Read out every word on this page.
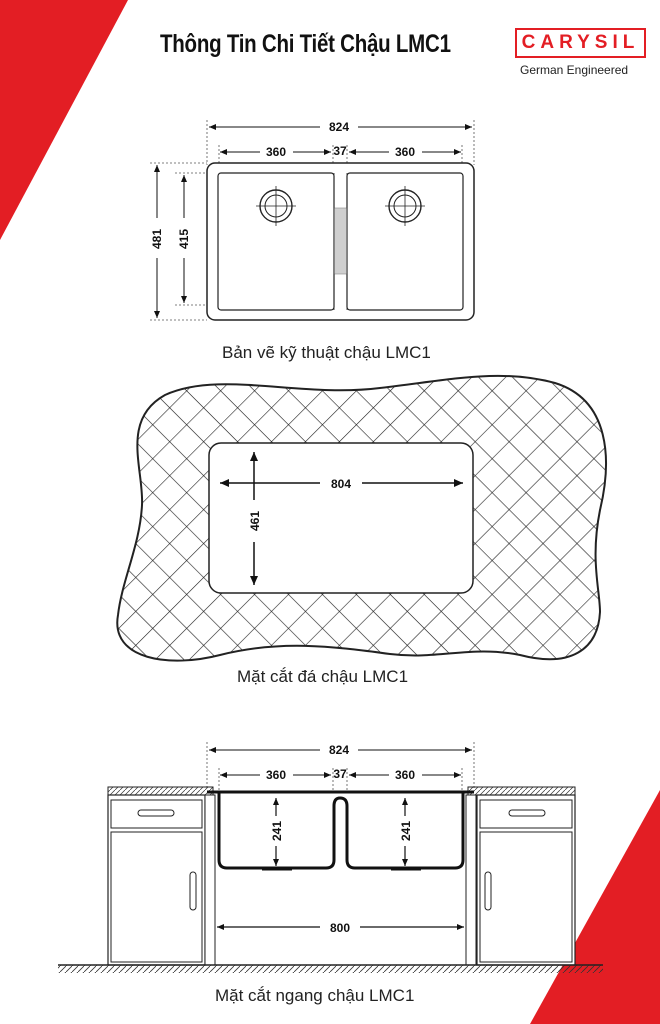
Thông Tin Chi Tiết Chậu LMC1	CARYSIL
German Engineered
824
360	37	360
481 415
Bản vẽ kỹ thuật chậu LMC1
804
461
Mặt cắt đá chậu LMC1
824
360	37	360
241	241
800
Mặt cắt ngang chậu LMC1
